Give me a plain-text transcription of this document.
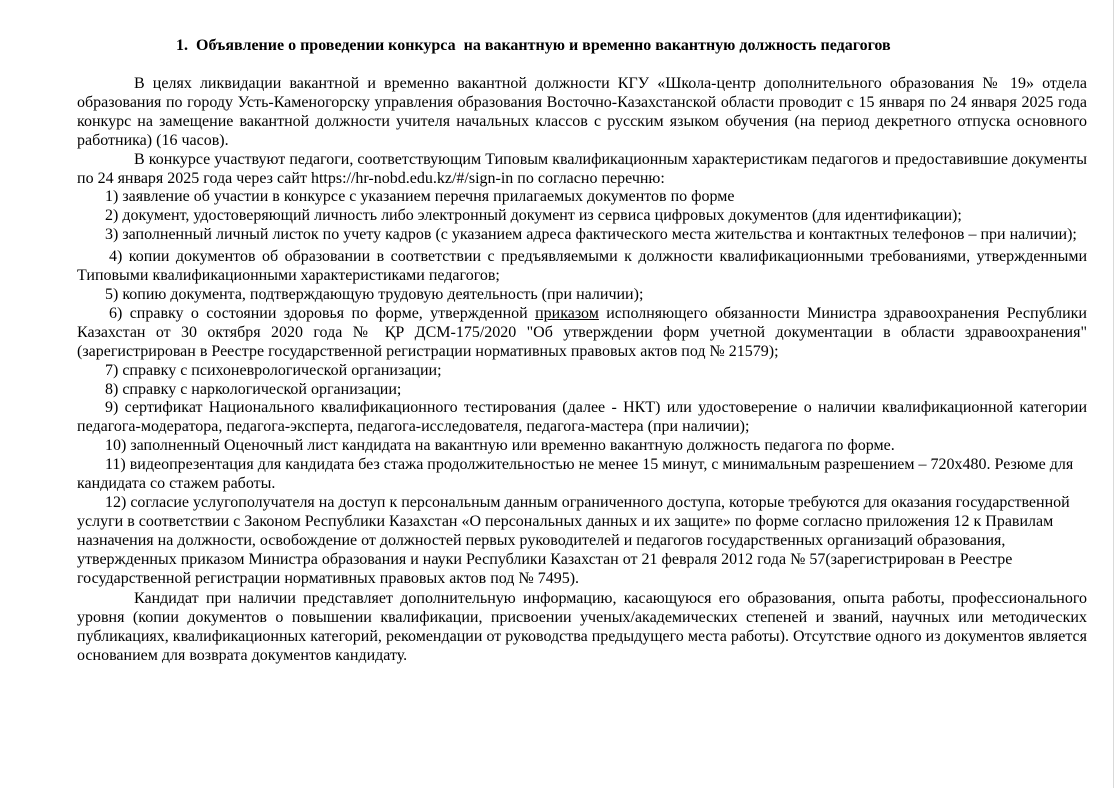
1.  Объявление о проведении конкурса  на вакантную и временно вакантную должность педагогов

В целях ликвидации вакантной и временно вакантной должности КГУ «Школа-центр дополнительного образования № 19» отдела образования по городу Усть-Каменогорску управления образования Восточно-Казахстанской области проводит с 15 января по 24 января 2025 года конкурс на замещение вакантной должности учителя начальных классов с русским языком обучения (на период декретного отпуска основного работника) (16 часов).

В конкурсе участвуют педагоги, соответствующим Типовым квалификационным характеристикам педагогов и предоставившие документы по 24 января 2025 года через сайт https://hr-nobd.edu.kz/#/sign-in по согласно перечню:

1) заявление об участии в конкурсе с указанием перечня прилагаемых документов по форме

2) документ, удостоверяющий личность либо электронный документ из сервиса цифровых документов (для идентификации);

3) заполненный личный листок по учету кадров (с указанием адреса фактического места жительства и контактных телефонов – при наличии);

4) копии документов об образовании в соответствии с предъявляемыми к должности квалификационными требованиями, утвержденными Типовыми квалификационными характеристиками педагогов;

5) копию документа, подтверждающую трудовую деятельность (при наличии);

6) справку о состоянии здоровья по форме, утвержденной приказом исполняющего обязанности Министра здравоохранения Республики Казахстан от 30 октября 2020 года № ҚР ДСМ-175/2020 "Об утверждении форм учетной документации в области здравоохранения" (зарегистрирован в Реестре государственной регистрации нормативных правовых актов под № 21579);

7) справку с психоневрологической организации;

8) справку с наркологической организации;

9) сертификат Национального квалификационного тестирования (далее - НКТ) или удостоверение о наличии квалификационной категории педагога-модератора, педагога-эксперта, педагога-исследователя, педагога-мастера (при наличии);

10) заполненный Оценочный лист кандидата на вакантную или временно вакантную должность педагога по форме.

11) видеопрезентация для кандидата без стажа продолжительностью не менее 15 минут, с минимальным разрешением – 720x480. Резюме для кандидата со стажем работы.

12) согласие услугополучателя на доступ к персональным данным ограниченного доступа, которые требуются для оказания государственной услуги в соответствии с Законом Республики Казахстан «О персональных данных и их защите» по форме согласно приложения 12 к Правилам назначения на должности, освобождение от должностей первых руководителей и педагогов государственных организаций образования, утвержденных приказом Министра образования и науки Республики Казахстан от 21 февраля 2012 года № 57(зарегистрирован в Реестре государственной регистрации нормативных правовых актов под № 7495).

Кандидат при наличии представляет дополнительную информацию, касающуюся его образования, опыта работы, профессионального уровня (копии документов о повышении квалификации, присвоении ученых/академических степеней и званий, научных или методических публикациях, квалификационных категорий, рекомендации от руководства предыдущего места работы). Отсутствие одного из документов является основанием для возврата документов кандидату.
